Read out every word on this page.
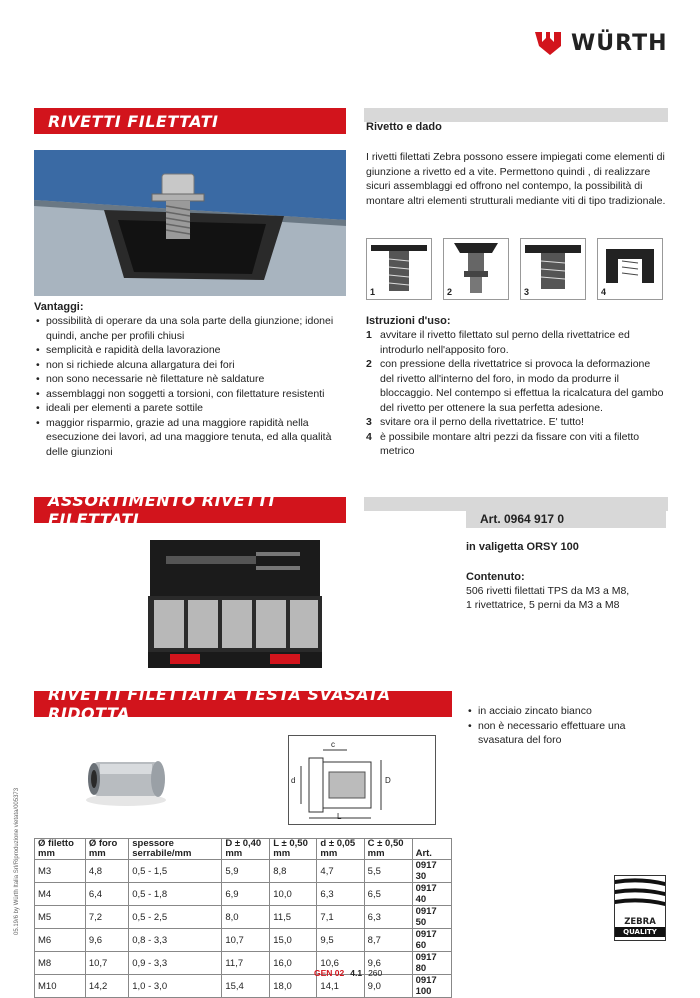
WÜRTH
RIVETTI FILETTATI	Rivetto e dado
I rivetti filettati Zebra possono essere impiegati come elementi di giunzione a rivetto ed a vite. Permettono quindi , di realizzare sicuri assemblaggi ed offrono nel contempo, la possibilità di montare altri elementi strutturali mediante viti di tipo tradizionale.
1	2	3	4
Vantaggi:
• possibilità di operare da una sola parte della giunzione; idonei quindi, anche per profili chiusi
• semplicità e rapidità della lavorazione
• non si richiede alcuna allargatura dei fori
• non sono necessarie nè filettature nè saldature
• assemblaggi non soggetti a torsioni, con filettature resistenti
• ideali per elementi a parete sottile
• maggior risparmio, grazie ad una maggiore rapidità nella esecuzione dei lavori, ad una maggiore tenuta, ed alla qualità delle giunzioni
Istruzioni d'uso:
1 avvitare il rivetto filettato sul perno della rivettatrice ed introdurlo nell'apposito foro.
2 con pressione della rivettatrice si provoca la deformazione del rivetto all'interno del foro, in modo da produrre il bloccaggio. Nel contempo si effettua la ricalcatura del gambo del rivetto per ottenere la sua perfetta adesione.
3 svitare ora il perno della rivettatrice. E' tutto!
4 è possibile montare altri pezzi da fissare con viti a filetto metrico
ASSORTIMENTO RIVETTI FILETTATI	Art. 0964 917 0
in valigetta ORSY 100
Contenuto:
506 rivetti filettati TPS da M3 a M8,
1 rivettatrice, 5 perni da M3 a M8
RIVETTI FILETTATI A TESTA SVASATA RIDOTTA	• in acciaio zincato bianco
• non è necessario effettuare una svasatura del foro
c
d	D
L
Ø filetto mm	Ø foro mm	spessore serrabile/mm	D ± 0,40 mm	L ± 0,50 mm	d ± 0,05 mm	C ± 0,50 mm	Art.
M3	4,8	0,5 - 1,5	5,9	8,8	4,7	5,5	0917 30
M4	6,4	0,5 - 1,8	6,9	10,0	6,3	6,5	0917 40
M5	7,2	0,5 - 2,5	8,0	11,5	7,1	6,3	0917 50
M6	9,6	0,8 - 3,3	10,7	15,0	9,5	8,7	0917 60
M8	10,7	0,9 - 3,3	11,7	16,0	10,6	9,6	0917 80
M10	14,2	1,0 - 3,0	15,4	18,0	14,1	9,0	0917 100
ZEBRA
QUALITY
05.19/6 by Würth Italia Srl/Riproduzione vietata/005373
GEN 02 4.1 260
